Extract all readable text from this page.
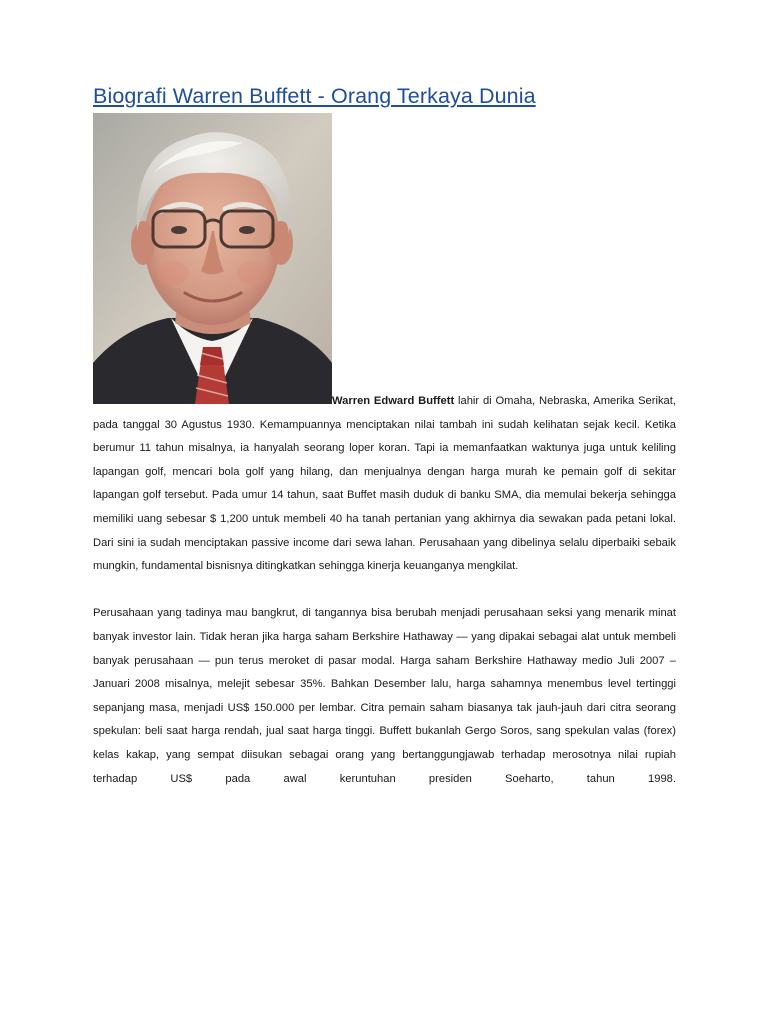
Biografi Warren Buffett - Orang Terkaya Dunia

Warren Edward Buffett lahir di Omaha, Nebraska, Amerika Serikat, pada tanggal 30 Agustus 1930. Kemampuannya menciptakan nilai tambah ini sudah kelihatan sejak kecil. Ketika berumur 11 tahun misalnya, ia hanyalah seorang loper koran. Tapi ia memanfaatkan waktunya juga untuk keliling lapangan golf, mencari bola golf yang hilang, dan menjualnya dengan harga murah ke pemain golf di sekitar lapangan golf tersebut. Pada umur 14 tahun, saat Buffet masih duduk di banku SMA, dia memulai bekerja sehingga memiliki uang sebesar $ 1,200 untuk membeli 40 ha tanah pertanian yang akhirnya dia sewakan pada petani lokal. Dari sini ia sudah menciptakan passive income dari sewa lahan. Perusahaan yang dibelinya selalu diperbaiki sebaik mungkin, fundamental bisnisnya ditingkatkan sehingga kinerja keuanganya mengkilat.

Perusahaan yang tadinya mau bangkrut, di tangannya bisa berubah menjadi perusahaan seksi yang menarik minat banyak investor lain. Tidak heran jika harga saham Berkshire Hathaway — yang dipakai sebagai alat untuk membeli banyak perusahaan — pun terus meroket di pasar modal. Harga saham Berkshire Hathaway medio Juli 2007 – Januari 2008 misalnya, melejit sebesar 35%. Bahkan Desember lalu, harga sahamnya menembus level tertinggi sepanjang masa, menjadi US$ 150.000 per lembar. Citra pemain saham biasanya tak jauh-jauh dari citra seorang spekulan: beli saat harga rendah, jual saat harga tinggi. Buffett bukanlah Gergo Soros, sang spekulan valas (forex) kelas kakap, yang sempat diisukan sebagai orang yang bertanggungjawab terhadap merosotnya nilai rupiah terhadap US$ pada awal keruntuhan presiden Soeharto, tahun 1998.
